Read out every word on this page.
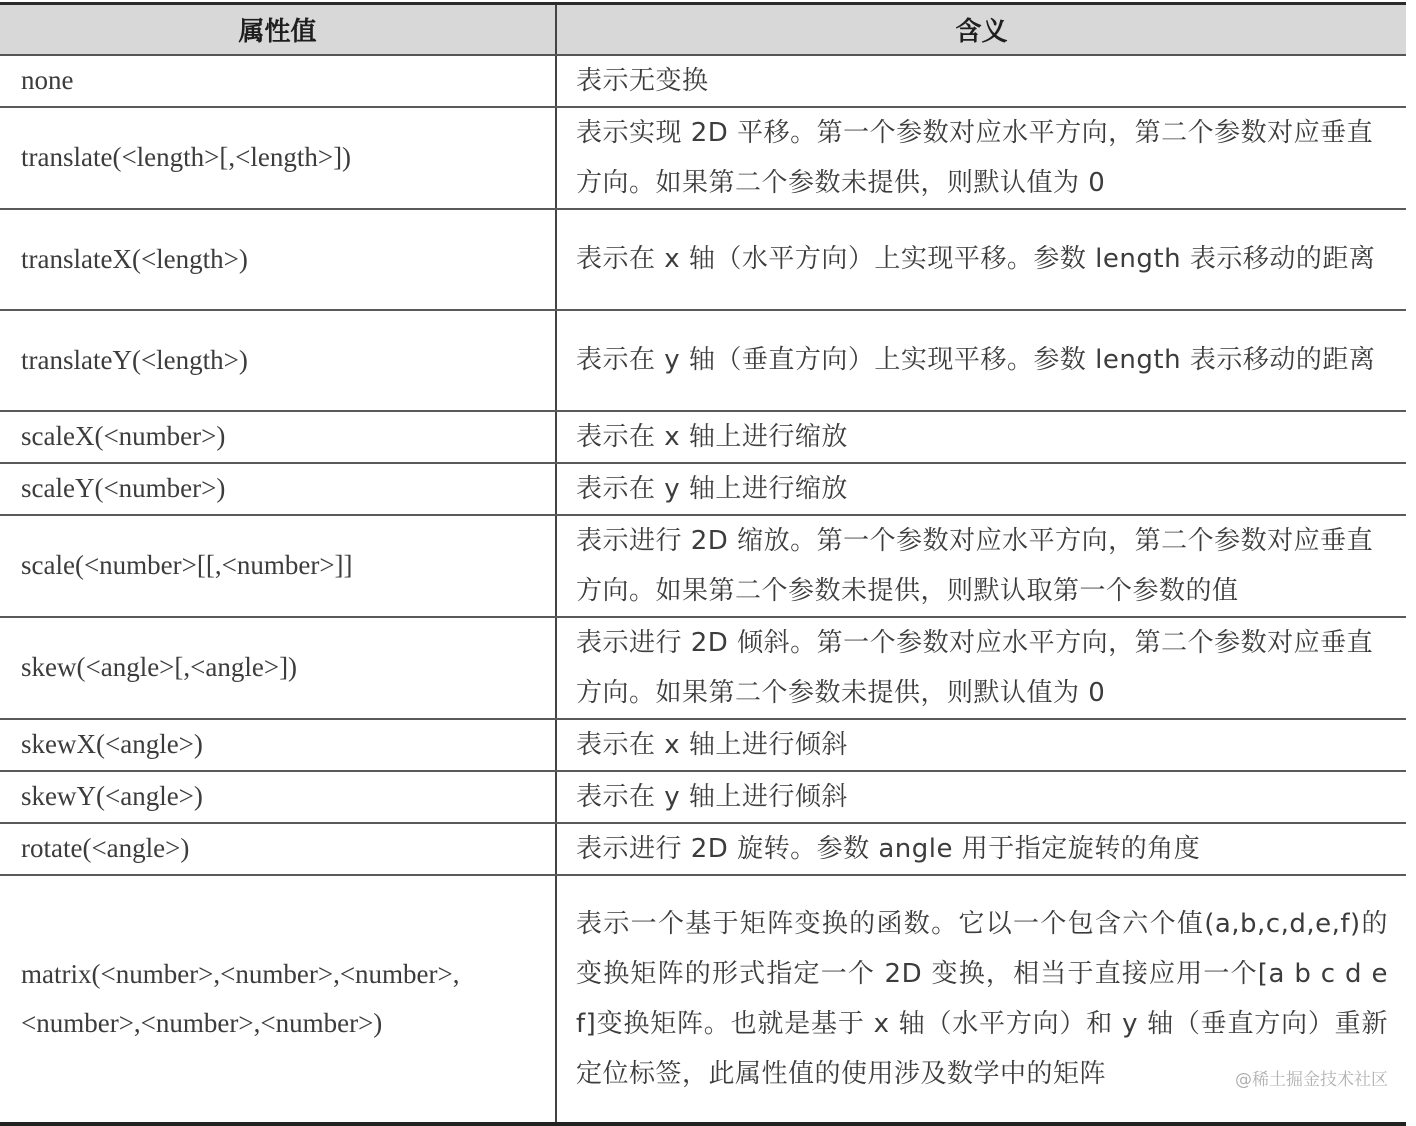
属性值	含义

none	表示无变换

translate(<length>[,<length>])	表示实现 2D 平移。第一个参数对应水平方向，第二个参数对应垂直方向。如果第二个参数未提供，则默认值为 0

translateX(<length>)	表示在 x 轴（水平方向）上实现平移。参数 length 表示移动的距离

translateY(<length>)	表示在 y 轴（垂直方向）上实现平移。参数 length 表示移动的距离

scaleX(<number>)	表示在 x 轴上进行缩放

scaleY(<number>)	表示在 y 轴上进行缩放

scale(<number>[[,<number>]]	表示进行 2D 缩放。第一个参数对应水平方向，第二个参数对应垂直方向。如果第二个参数未提供，则默认取第一个参数的值

skew(<angle>[,<angle>])	表示进行 2D 倾斜。第一个参数对应水平方向，第二个参数对应垂直方向。如果第二个参数未提供，则默认值为 0

skewX(<angle>)	表示在 x 轴上进行倾斜

skewY(<angle>)	表示在 y 轴上进行倾斜

rotate(<angle>)	表示进行 2D 旋转。参数 angle 用于指定旋转的角度

matrix(<number>,<number>,<number>,
<number>,<number>,<number>)	表示一个基于矩阵变换的函数。它以一个包含六个值(a,b,c,d,e,f)的变换矩阵的形式指定一个 2D 变换，相当于直接应用一个[a b c d e f]变换矩阵。也就是基于 x 轴（水平方向）和 y 轴（垂直方向）重新定位标签，此属性值的使用涉及数学中的矩阵	@稀土掘金技术社区
